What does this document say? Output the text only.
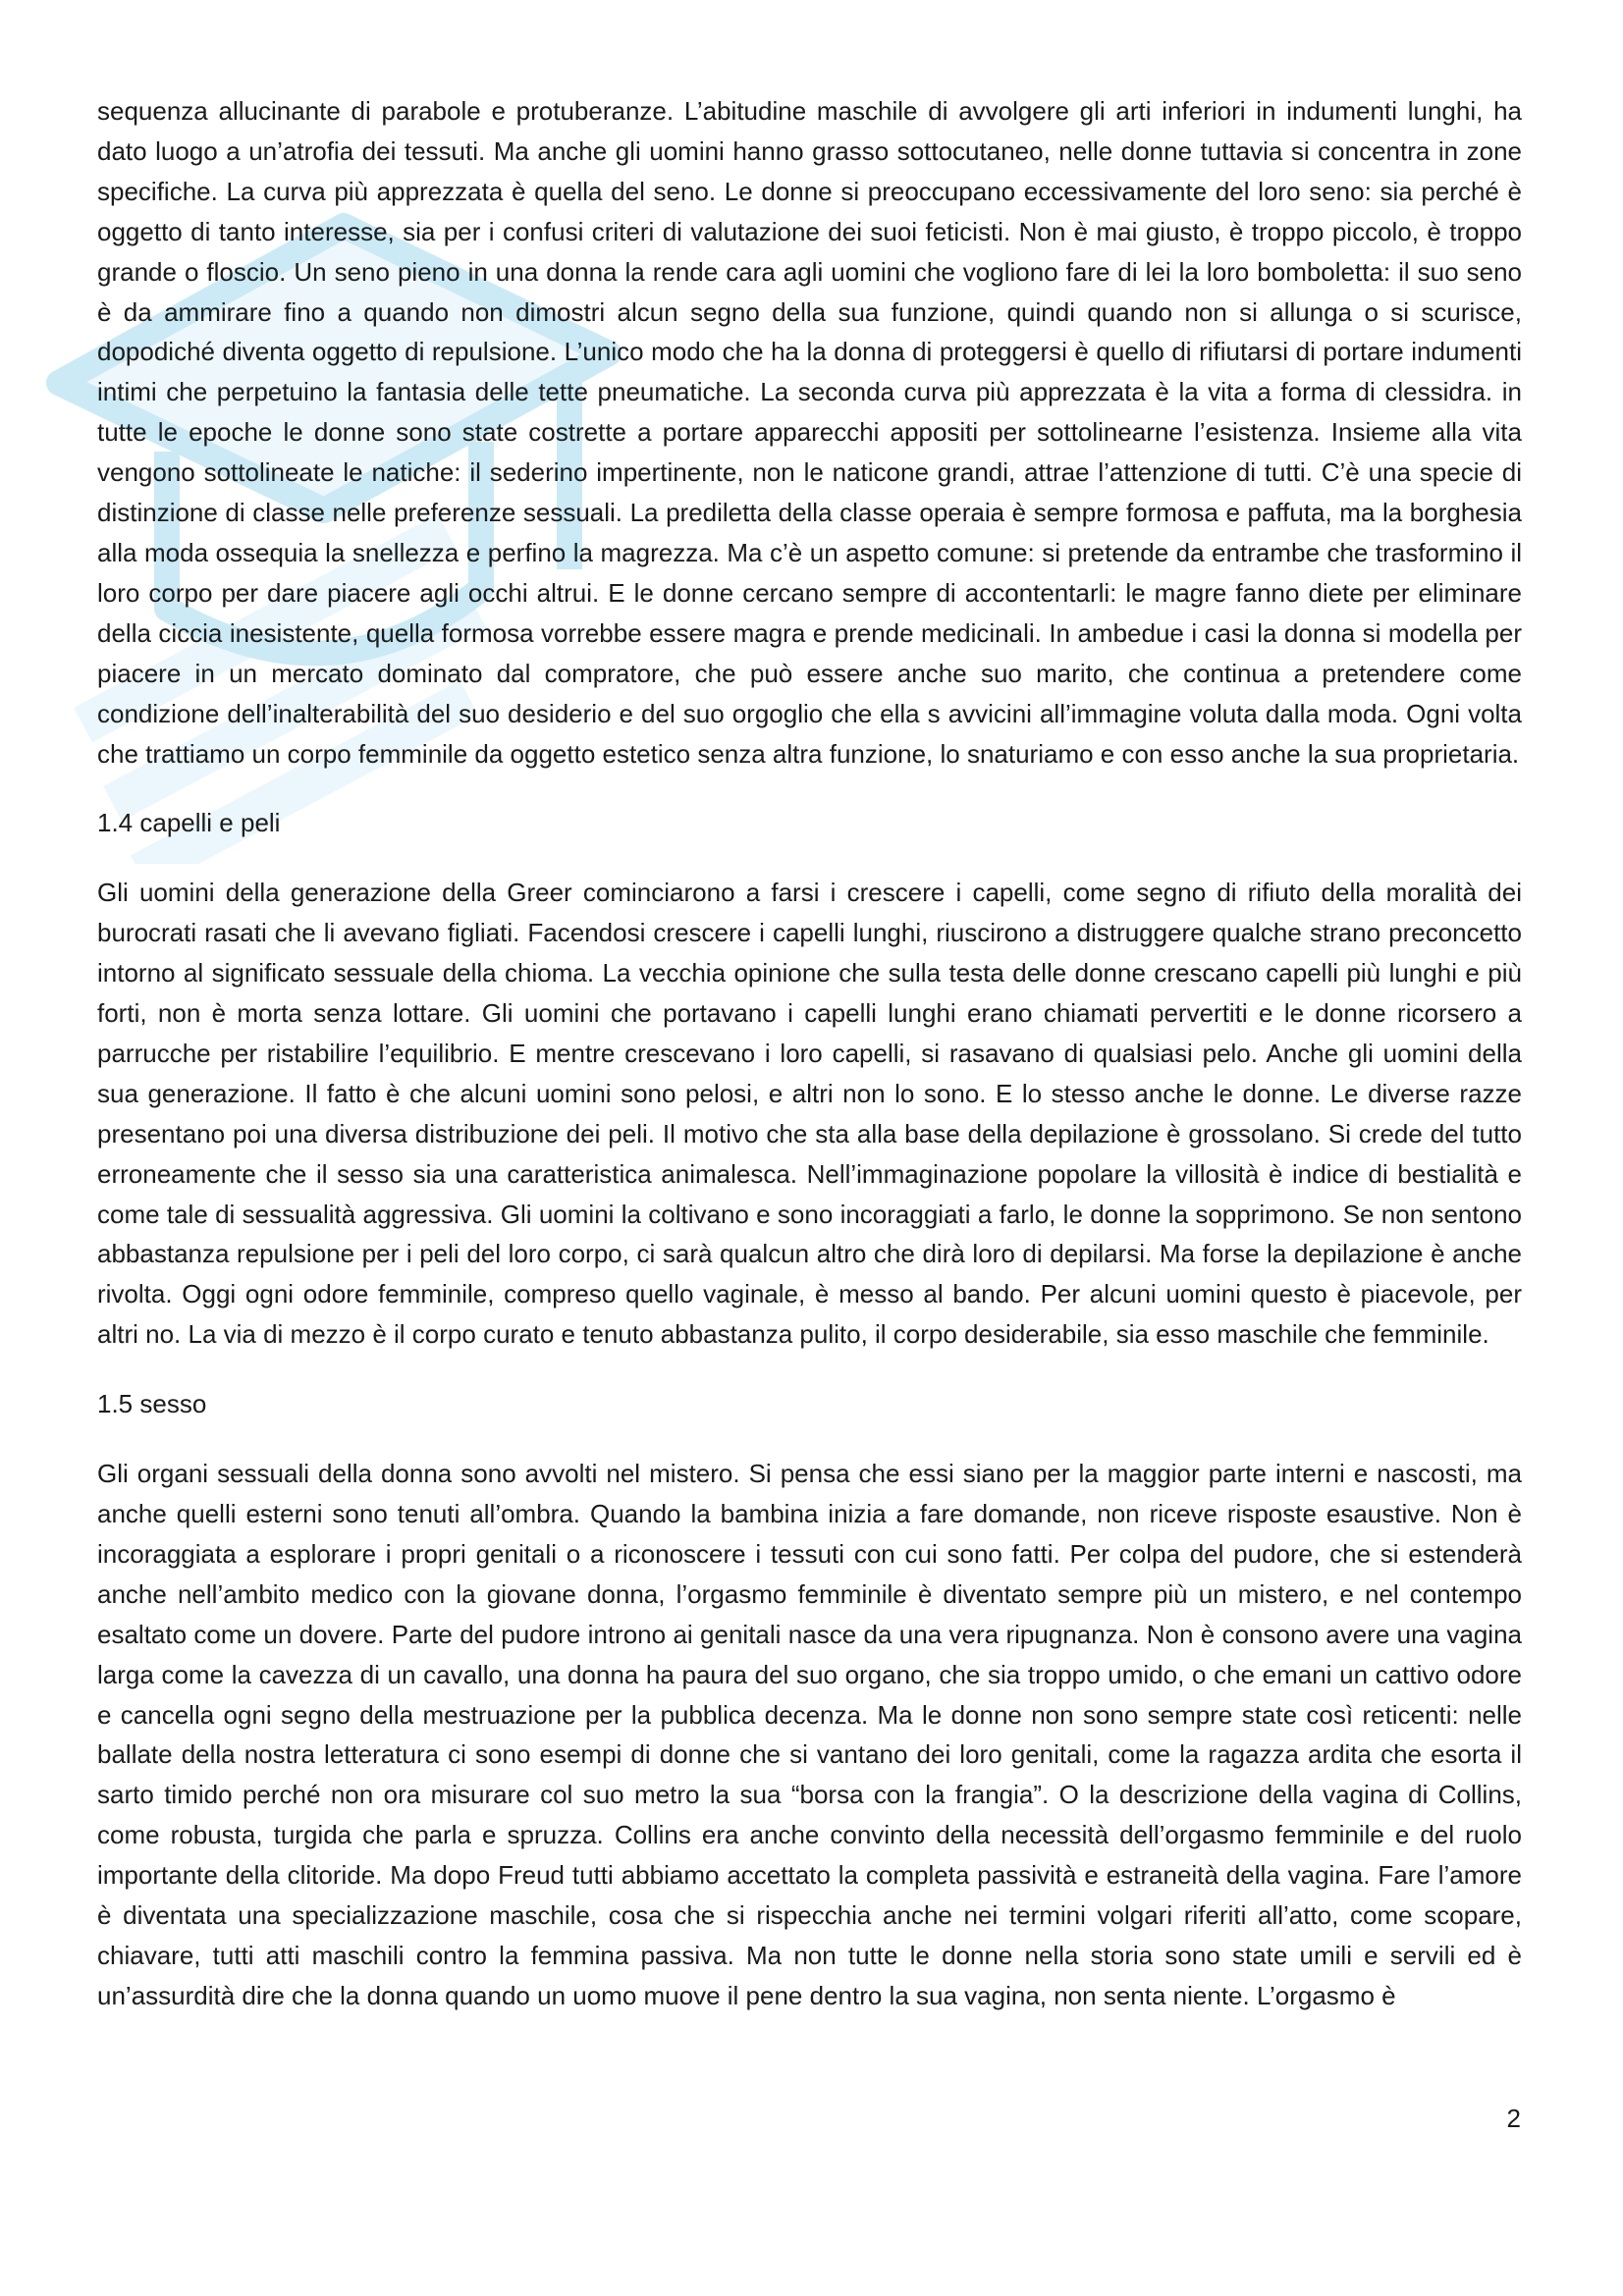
sequenza allucinante di parabole e protuberanze. L’abitudine maschile di avvolgere gli arti inferiori in indumenti lunghi, ha dato luogo a un’atrofia dei tessuti. Ma anche gli uomini hanno grasso sottocutaneo, nelle donne tuttavia si concentra in zone specifiche. La curva più apprezzata è quella del seno. Le donne si preoccupano eccessivamente del loro seno: sia perché è oggetto di tanto interesse, sia per i confusi criteri di valutazione dei suoi feticisti. Non è mai giusto, è troppo piccolo, è troppo grande o floscio. Un seno pieno in una donna la rende cara agli uomini che vogliono fare di lei la loro bomboletta: il suo seno è da ammirare fino a quando non dimostri alcun segno della sua funzione, quindi quando non si allunga o si scurisce, dopodiché diventa oggetto di repulsione. L’unico modo che ha la donna di proteggersi è quello di rifiutarsi di portare indumenti intimi che perpetuino la fantasia delle tette pneumatiche. La seconda curva più apprezzata è la vita a forma di clessidra. in tutte le epoche le donne sono state costrette a portare apparecchi appositi per sottolinearne l’esistenza. Insieme alla vita vengono sottolineate le natiche: il sederino impertinente, non le naticone grandi, attrae l’attenzione di tutti. C’è una specie di distinzione di classe nelle preferenze sessuali. La prediletta della classe operaia è sempre formosa e paffuta, ma la borghesia alla moda ossequia la snellezza e perfino la magrezza. Ma c’è un aspetto comune: si pretende da entrambe che trasformino il loro corpo per dare piacere agli occhi altrui. E le donne cercano sempre di accontentarli: le magre fanno diete per eliminare della ciccia inesistente, quella formosa vorrebbe essere magra e prende medicinali. In ambedue i casi la donna si modella per piacere in un mercato dominato dal compratore, che può essere anche suo marito, che continua a pretendere come condizione dell’inalterabilità del suo desiderio e del suo orgoglio che ella s avvicini all’immagine voluta dalla moda. Ogni volta che trattiamo un corpo femminile da oggetto estetico senza altra funzione, lo snaturiamo e con esso anche la sua proprietaria.

1.4 capelli e peli

Gli uomini della generazione della Greer cominciarono a farsi i crescere i capelli, come segno di rifiuto della moralità dei burocrati rasati che li avevano figliati. Facendosi crescere i capelli lunghi, riuscirono a distruggere qualche strano preconcetto intorno al significato sessuale della chioma. La vecchia opinione che sulla testa delle donne crescano capelli più lunghi e più forti, non è morta senza lottare. Gli uomini che portavano i capelli lunghi erano chiamati pervertiti e le donne ricorsero a parrucche per ristabilire l’equilibrio. E mentre crescevano i loro capelli, si rasavano di qualsiasi pelo. Anche gli uomini della sua generazione. Il fatto è che alcuni uomini sono pelosi, e altri non lo sono. E lo stesso anche le donne. Le diverse razze presentano poi una diversa distribuzione dei peli. Il motivo che sta alla base della depilazione è grossolano. Si crede del tutto erroneamente che il sesso sia una caratteristica animalesca. Nell’immaginazione popolare la villosità è indice di bestialità e come tale di sessualità aggressiva. Gli uomini la coltivano e sono incoraggiati a farlo, le donne la sopprimono. Se non sentono abbastanza repulsione per i peli del loro corpo, ci sarà qualcun altro che dirà loro di depilarsi. Ma forse la depilazione è anche rivolta. Oggi ogni odore femminile, compreso quello vaginale, è messo al bando. Per alcuni uomini questo è piacevole, per altri no. La via di mezzo è il corpo curato e tenuto abbastanza pulito, il corpo desiderabile, sia esso maschile che femminile.

1.5 sesso

Gli organi sessuali della donna sono avvolti nel mistero. Si pensa che essi siano per la maggior parte interni e nascosti, ma anche quelli esterni sono tenuti all’ombra. Quando la bambina inizia a fare domande, non riceve risposte esaustive. Non è incoraggiata a esplorare i propri genitali o a riconoscere i tessuti con cui sono fatti. Per colpa del pudore, che si estenderà anche nell’ambito medico con la giovane donna, l’orgasmo femminile è diventato sempre più un mistero, e nel contempo esaltato come un dovere. Parte del pudore introno ai genitali nasce da una vera ripugnanza. Non è consono avere una vagina larga come la cavezza di un cavallo, una donna ha paura del suo organo, che sia troppo umido, o che emani un cattivo odore e cancella ogni segno della mestruazione per la pubblica decenza. Ma le donne non sono sempre state così reticenti: nelle ballate della nostra letteratura ci sono esempi di donne che si vantano dei loro genitali, come la ragazza ardita che esorta il sarto timido perché non ora misurare col suo metro la sua “borsa con la frangia”. O la descrizione della vagina di Collins, come robusta, turgida che parla e spruzza. Collins era anche convinto della necessità dell’orgasmo femminile e del ruolo importante della clitoride. Ma dopo Freud tutti abbiamo accettato la completa passività e estraneità della vagina. Fare l’amore è diventata una specializzazione maschile, cosa che si rispecchia anche nei termini volgari riferiti all’atto, come scopare, chiavare, tutti atti maschili contro la femmina passiva. Ma non tutte le donne nella storia sono state umili e servili ed è un’assurdità dire che la donna quando un uomo muove il pene dentro la sua vagina, non senta niente. L’orgasmo è

2
